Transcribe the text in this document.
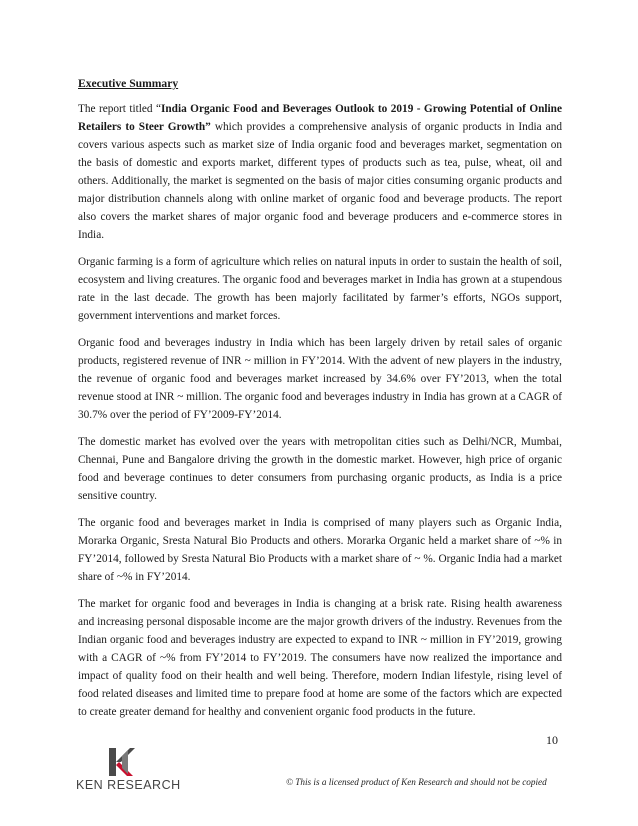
Executive Summary

The report titled “India Organic Food and Beverages Outlook to 2019 - Growing Potential of Online Retailers to Steer Growth” which provides a comprehensive analysis of organic products in India and covers various aspects such as market size of India organic food and beverages market, segmentation on the basis of domestic and exports market, different types of products such as tea, pulse, wheat, oil and others. Additionally, the market is segmented on the basis of major cities consuming organic products and major distribution channels along with online market of organic food and beverage products. The report also covers the market shares of major organic food and beverage producers and e-commerce stores in India.

Organic farming is a form of agriculture which relies on natural inputs in order to sustain the health of soil, ecosystem and living creatures. The organic food and beverages market in India has grown at a stupendous rate in the last decade. The growth has been majorly facilitated by farmer’s efforts, NGOs support, government interventions and market forces.

Organic food and beverages industry in India which has been largely driven by retail sales of organic products, registered revenue of INR ~ million in FY’2014. With the advent of new players in the industry, the revenue of organic food and beverages market increased by 34.6% over FY’2013, when the total revenue stood at INR ~ million. The organic food and beverages industry in India has grown at a CAGR of 30.7% over the period of FY’2009-FY’2014.

The domestic market has evolved over the years with metropolitan cities such as Delhi/NCR, Mumbai, Chennai, Pune and Bangalore driving the growth in the domestic market. However, high price of organic food and beverage continues to deter consumers from purchasing organic products, as India is a price sensitive country.

The organic food and beverages market in India is comprised of many players such as Organic India, Morarka Organic, Sresta Natural Bio Products and others. Morarka Organic held a market share of ~% in FY’2014, followed by Sresta Natural Bio Products with a market share of ~ %. Organic India had a market share of ~% in FY’2014.

The market for organic food and beverages in India is changing at a brisk rate. Rising health awareness and increasing personal disposable income are the major growth drivers of the industry. Revenues from the Indian organic food and beverages industry are expected to expand to INR ~ million in FY’2019, growing with a CAGR of ~% from FY’2014 to FY’2019. The consumers have now realized the importance and impact of quality food on their health and well being. Therefore, modern Indian lifestyle, rising level of food related diseases and limited time to prepare food at home are some of the factors which are expected to create greater demand for healthy and convenient organic food products in the future.

10
KEN RESEARCH	© This is a licensed product of Ken Research and should not be copied
